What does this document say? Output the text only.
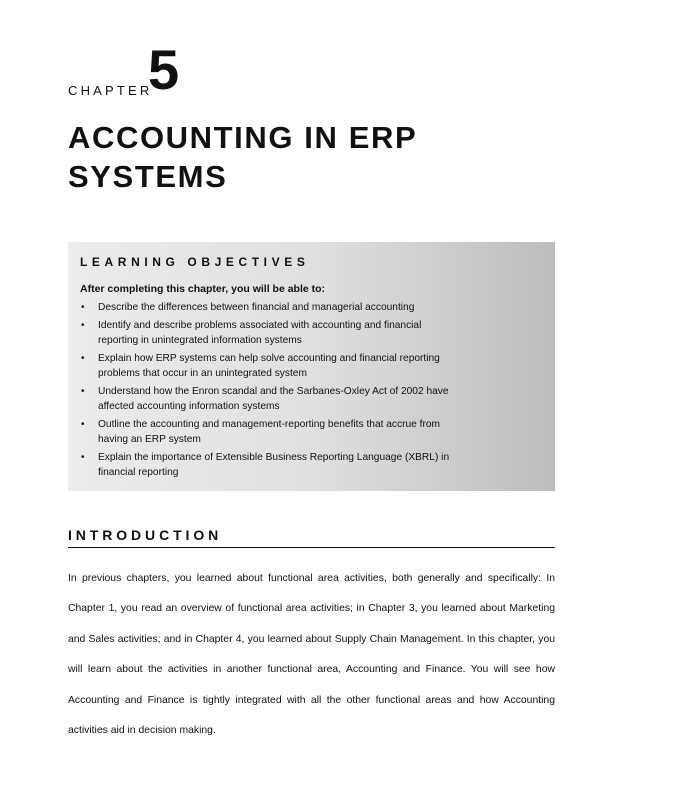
CHAPTER
5
ACCOUNTING IN ERP
SYSTEMS
LEARNING OBJECTIVES

After completing this chapter, you will be able to:

• Describe the differences between financial and managerial accounting
• Identify and describe problems associated with accounting and financial reporting in unintegrated information systems
• Explain how ERP systems can help solve accounting and financial reporting problems that occur in an unintegrated system
• Understand how the Enron scandal and the Sarbanes-Oxley Act of 2002 have affected accounting information systems
• Outline the accounting and management-reporting benefits that accrue from having an ERP system
• Explain the importance of Extensible Business Reporting Language (XBRL) in financial reporting
INTRODUCTION

In previous chapters, you learned about functional area activities, both generally and specifically: In Chapter 1, you read an overview of functional area activities; in Chapter 3, you learned about Marketing and Sales activities; and in Chapter 4, you learned about Supply Chain Management. In this chapter, you will learn about the activities in another functional area, Accounting and Finance. You will see how Accounting and Finance is tightly integrated with all the other functional areas and how Accounting activities aid in decision making.
